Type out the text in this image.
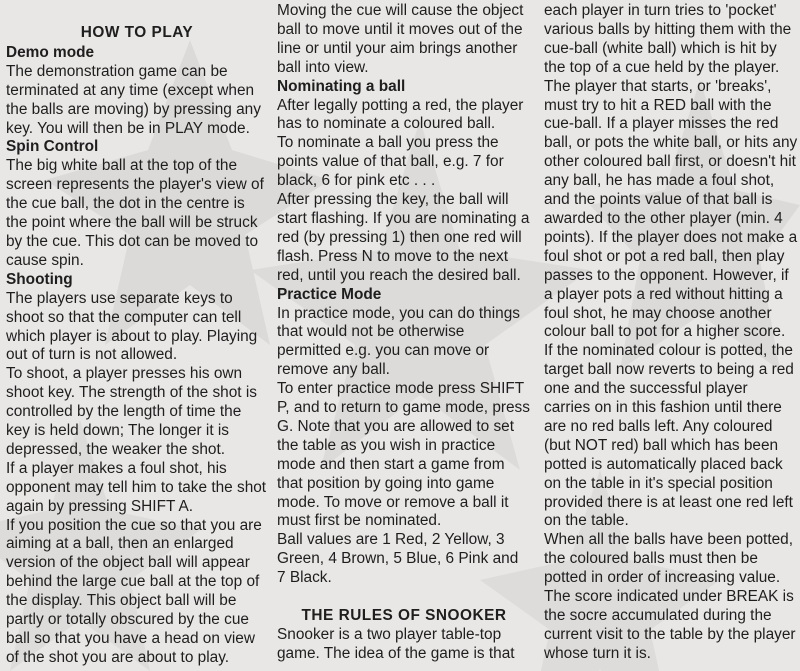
HOW TO PLAY
Demo mode

The demonstration game can be terminated at any time (except when the balls are moving) by pressing any key. You will then be in PLAY mode.

Spin Control

The big white ball at the top of the screen represents the player's view of the cue ball, the dot in the centre is the point where the ball will be struck by the cue. This dot can be moved to cause spin.

Shooting

The players use separate keys to shoot so that the computer can tell which player is about to play. Playing out of turn is not allowed.

To shoot, a player presses his own shoot key. The strength of the shot is controlled by the length of time the key is held down; The longer it is depressed, the weaker the shot.

If a player makes a foul shot, his opponent may tell him to take the shot again by pressing SHIFT A.

If you position the cue so that you are aiming at a ball, then an enlarged version of the object ball will appear behind the large cue ball at the top of the display. This object ball will be partly or totally obscured by the cue ball so that you have a head on view of the shot you are about to play.

Moving the cue will cause the object ball to move until it moves out of the line or until your aim brings another ball into view.

Nominating a ball

After legally potting a red, the player has to nominate a coloured ball.

To nominate a ball you press the points value of that ball, e.g. 7 for black, 6 for pink etc . . .

After pressing the key, the ball will start flashing. If you are nominating a red (by pressing 1) then one red will flash. Press N to move to the next red, until you reach the desired ball.

Practice Mode

In practice mode, you can do things that would not be otherwise permitted e.g. you can move or remove any ball.

To enter practice mode press SHIFT P, and to return to game mode, press G. Note that you are allowed to set the table as you wish in practice mode and then start a game from that position by going into game mode. To move or remove a ball it must first be nominated.

Ball values are 1 Red, 2 Yellow, 3 Green, 4 Brown, 5 Blue, 6 Pink and 7 Black.

THE RULES OF SNOOKER

Snooker is a two player table-top game. The idea of the game is that

each player in turn tries to 'pocket' various balls by hitting them with the cue-ball (white ball) which is hit by the top of a cue held by the player.

The player that starts, or 'breaks', must try to hit a RED ball with the cue-ball. If a player misses the red ball, or pots the white ball, or hits any other coloured ball first, or doesn't hit any ball, he has made a foul shot, and the points value of that ball is awarded to the other player (min. 4 points). If the player does not make a foul shot or pot a red ball, then play passes to the opponent. However, if a player pots a red without hitting a foul shot, he may choose another colour ball to pot for a higher score.

If the nominated colour is potted, the target ball now reverts to being a red one and the successful player carries on in this fashion until there are no red balls left. Any coloured (but NOT red) ball which has been potted is automatically placed back on the table in it's special position provided there is at least one red left on the table.

When all the balls have been potted, the coloured balls must then be potted in order of increasing value.

The score indicated under BREAK is the socre accumulated during the current visit to the table by the player whose turn it is.
